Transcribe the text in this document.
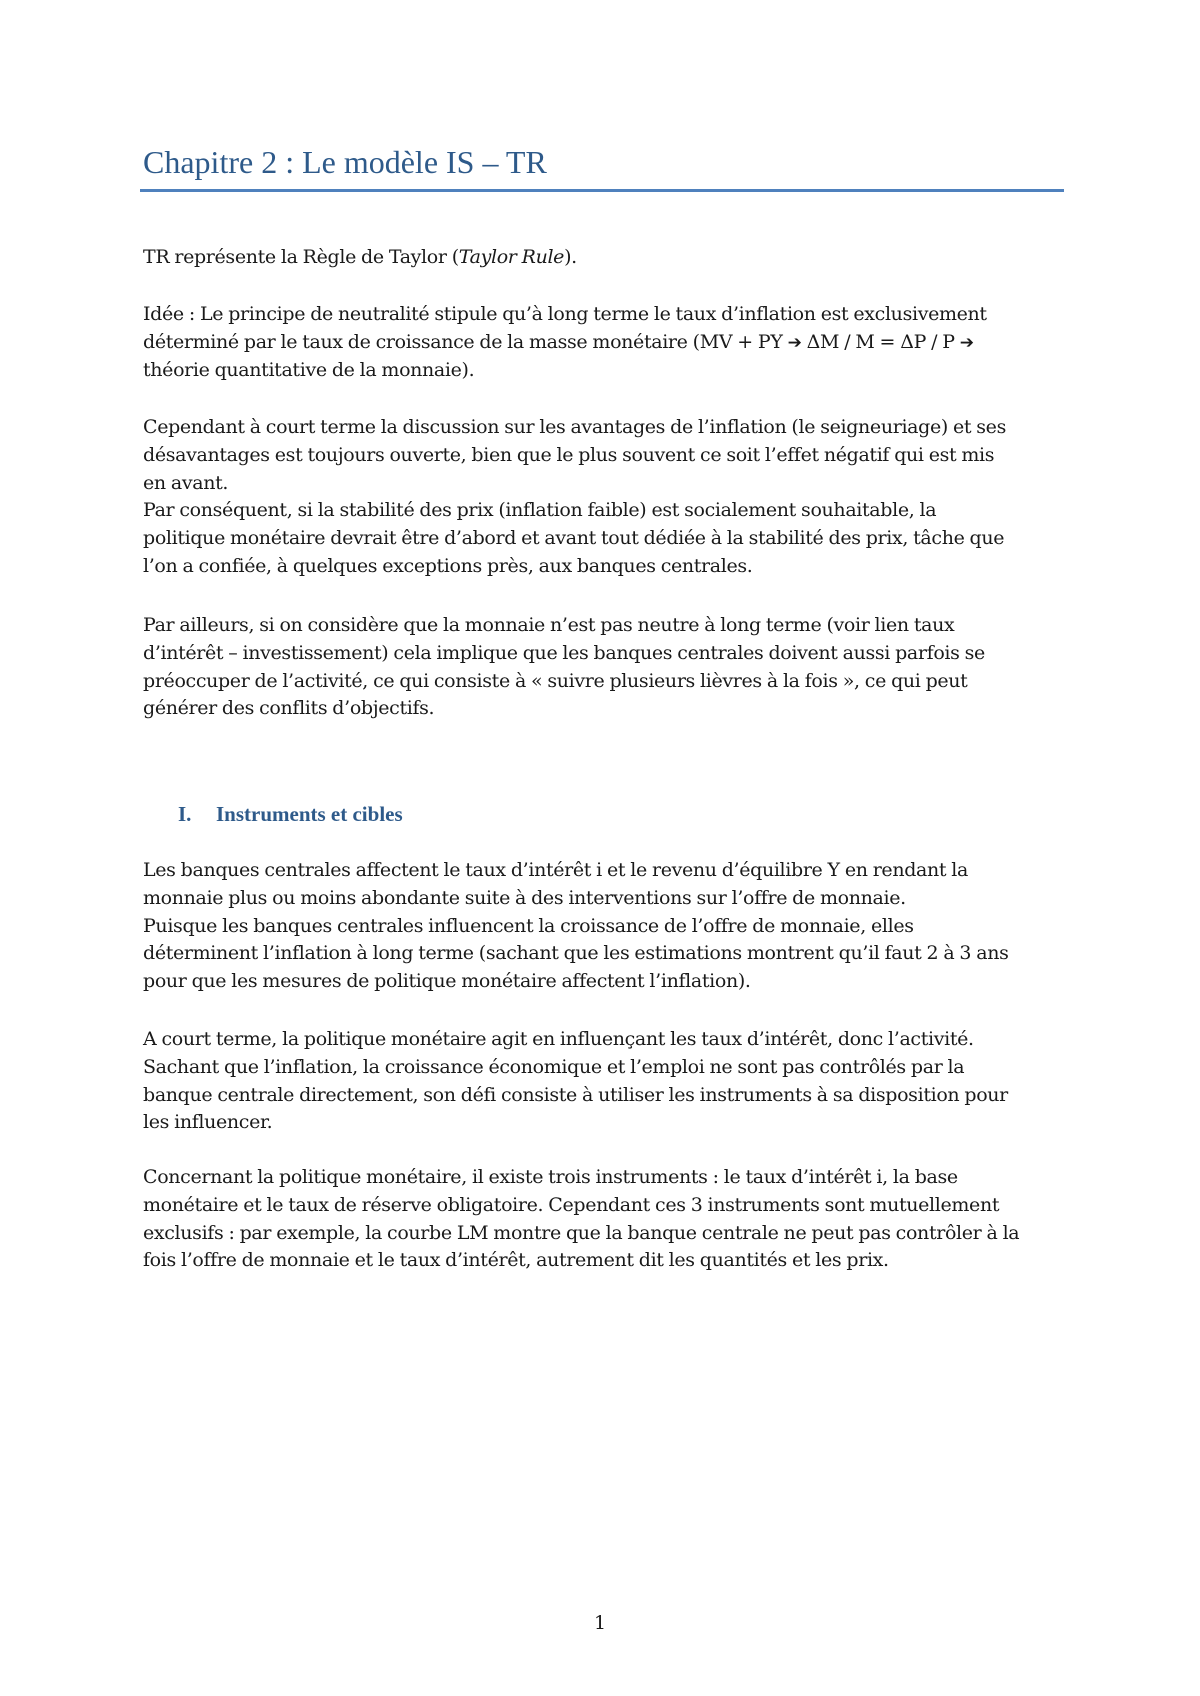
Chapitre 2 : Le modèle IS – TR
TR représente la Règle de Taylor (Taylor Rule).
Idée : Le principe de neutralité stipule qu’à long terme le taux d’inflation est exclusivement
déterminé par le taux de croissance de la masse monétaire (MV + PY ➔ ΔM / M = ΔP / P ➔
théorie quantitative de la monnaie).
Cependant à court terme la discussion sur les avantages de l’inflation (le seigneuriage) et ses
désavantages est toujours ouverte, bien que le plus souvent ce soit l’effet négatif qui est mis
en avant.
Par conséquent, si la stabilité des prix (inflation faible) est socialement souhaitable, la
politique monétaire devrait être d’abord et avant tout dédiée à la stabilité des prix, tâche que
l’on a confiée, à quelques exceptions près, aux banques centrales.
Par ailleurs, si on considère que la monnaie n’est pas neutre à long terme (voir lien taux
d’intérêt – investissement) cela implique que les banques centrales doivent aussi parfois se
préoccuper de l’activité, ce qui consiste à « suivre plusieurs lièvres à la fois », ce qui peut
générer des conflits d’objectifs.
I. Instruments et cibles
Les banques centrales affectent le taux d’intérêt i et le revenu d’équilibre Y en rendant la
monnaie plus ou moins abondante suite à des interventions sur l’offre de monnaie.
Puisque les banques centrales influencent la croissance de l’offre de monnaie, elles
déterminent l’inflation à long terme (sachant que les estimations montrent qu’il faut 2 à 3 ans
pour que les mesures de politique monétaire affectent l’inflation).
A court terme, la politique monétaire agit en influençant les taux d’intérêt, donc l’activité.
Sachant que l’inflation, la croissance économique et l’emploi ne sont pas contrôlés par la
banque centrale directement, son défi consiste à utiliser les instruments à sa disposition pour
les influencer.
Concernant la politique monétaire, il existe trois instruments : le taux d’intérêt i, la base
monétaire et le taux de réserve obligatoire. Cependant ces 3 instruments sont mutuellement
exclusifs : par exemple, la courbe LM montre que la banque centrale ne peut pas contrôler à la
fois l’offre de monnaie et le taux d’intérêt, autrement dit les quantités et les prix.
1
